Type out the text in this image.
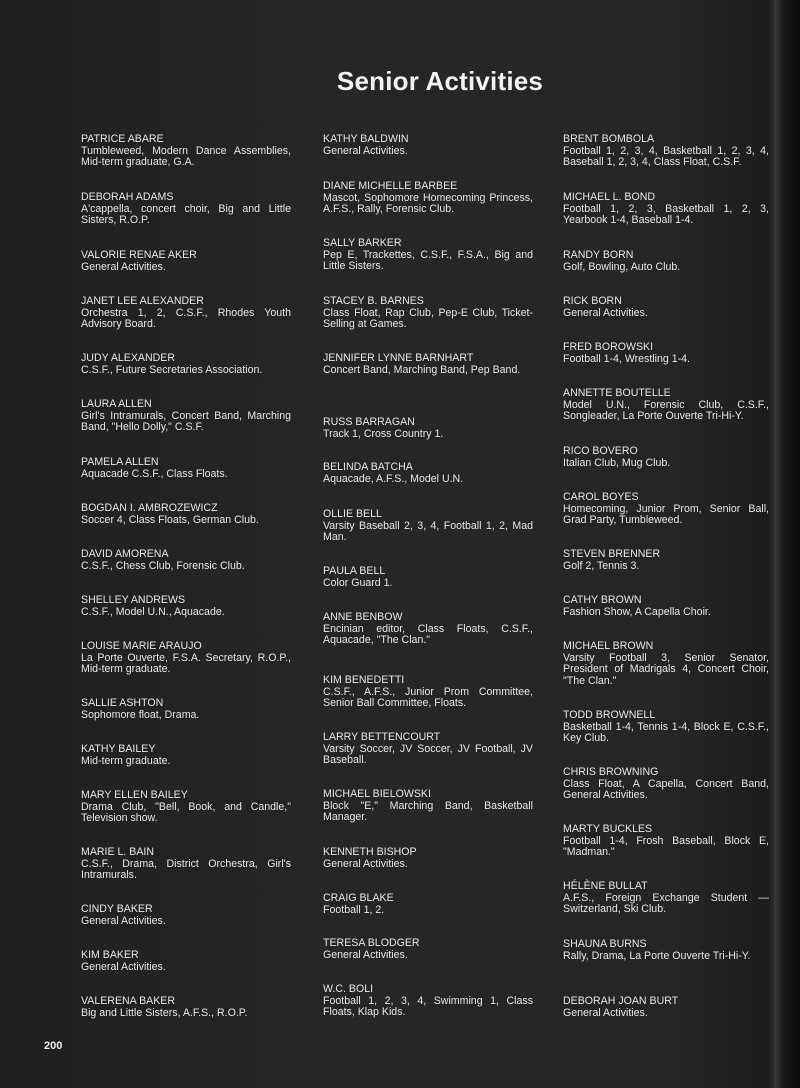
Senior Activities
PATRICE ABARE
Tumbleweed, Modern Dance Assemblies, Mid-term graduate, G.A.
DEBORAH ADAMS
A'cappella, concert choir, Big and Little Sisters, R.O.P.
VALORIE RENAE AKER
General Activities.
JANET LEE ALEXANDER
Orchestra 1, 2, C.S.F., Rhodes Youth Advisory Board.
JUDY ALEXANDER
C.S.F., Future Secretaries Association.
LAURA ALLEN
Girl's Intramurals, Concert Band, Marching Band, "Hello Dolly," C.S.F.
PAMELA ALLEN
Aquacade C.S.F., Class Floats.
BOGDAN I. AMBROZEWICZ
Soccer 4, Class Floats, German Club.
DAVID AMORENA
C.S.F., Chess Club, Forensic Club.
SHELLEY ANDREWS
C.S.F., Model U.N., Aquacade.
LOUISE MARIE ARAUJO
La Porte Ouverte, F.S.A. Secretary, R.O.P., Mid-term graduate.
SALLIE ASHTON
Sophomore float, Drama.
KATHY BAILEY
Mid-term graduate.
MARY ELLEN BAILEY
Drama Club, "Bell, Book, and Candle," Television show.
MARIE L. BAIN
C.S.F., Drama, District Orchestra, Girl's Intramurals.
CINDY BAKER
General Activities.
KIM BAKER
General Activities.
VALERENA BAKER
Big and Little Sisters, A.F.S., R.O.P.
KATHY BALDWIN
General Activities.
DIANE MICHELLE BARBEE
Mascot, Sophomore Homecoming Princess, A.F.S., Rally, Forensic Club.
SALLY BARKER
Pep E, Trackettes, C.S.F., F.S.A., Big and Little Sisters.
STACEY B. BARNES
Class Float, Rap Club, Pep-E Club, Ticket-Selling at Games.
JENNIFER LYNNE BARNHART
Concert Band, Marching Band, Pep Band.
RUSS BARRAGAN
Track 1, Cross Country 1.
BELINDA BATCHA
Aquacade, A.F.S., Model U.N.
OLLIE BELL
Varsity Baseball 2, 3, 4, Football 1, 2, Mad Man.
PAULA BELL
Color Guard 1.
ANNE BENBOW
Encinian editor, Class Floats, C.S.F., Aquacade, "The Clan."
KIM BENEDETTI
C.S.F., A.F.S., Junior Prom Committee, Senior Ball Committee, Floats.
LARRY BETTENCOURT
Varsity Soccer, JV Soccer, JV Football, JV Baseball.
MICHAEL BIELOWSKI
Block "E," Marching Band, Basketball Manager.
KENNETH BISHOP
General Activities.
CRAIG BLAKE
Football 1, 2.
TERESA BLODGER
General Activities.
W.C. BOLI
Football 1, 2, 3, 4, Swimming 1, Class Floats, Klap Kids.
BRENT BOMBOLA
Football 1, 2, 3, 4, Basketball 1, 2, 3, 4, Baseball 1, 2, 3, 4, Class Float, C.S.F.
MICHAEL L. BOND
Football 1, 2, 3, Basketball 1, 2, 3, Yearbook 1-4, Baseball 1-4.
RANDY BORN
Golf, Bowling, Auto Club.
RICK BORN
General Activities.
FRED BOROWSKI
Football 1-4, Wrestling 1-4.
ANNETTE BOUTELLE
Model U.N., Forensic Club, C.S.F., Songleader, La Porte Ouverte Tri-Hi-Y.
RICO BOVERO
Italian Club, Mug Club.
CAROL BOYES
Homecoming, Junior Prom, Senior Ball, Grad Party, Tumbleweed.
STEVEN BRENNER
Golf 2, Tennis 3.
CATHY BROWN
Fashion Show, A Capella Choir.
MICHAEL BROWN
Varsity Football 3, Senior Senator, President of Madrigals 4, Concert Choir, "The Clan."
TODD BROWNELL
Basketball 1-4, Tennis 1-4, Block E, C.S.F., Key Club.
CHRIS BROWNING
Class Float, A Capella, Concert Band, General Activities.
MARTY BUCKLES
Football 1-4, Frosh Baseball, Block E, "Madman."
HÉLÈNE BULLAT
A.F.S., Foreign Exchange Student — Switzerland, Ski Club.
SHAUNA BURNS
Rally, Drama, La Porte Ouverte Tri-Hi-Y.
DEBORAH JOAN BURT
General Activities.
200
